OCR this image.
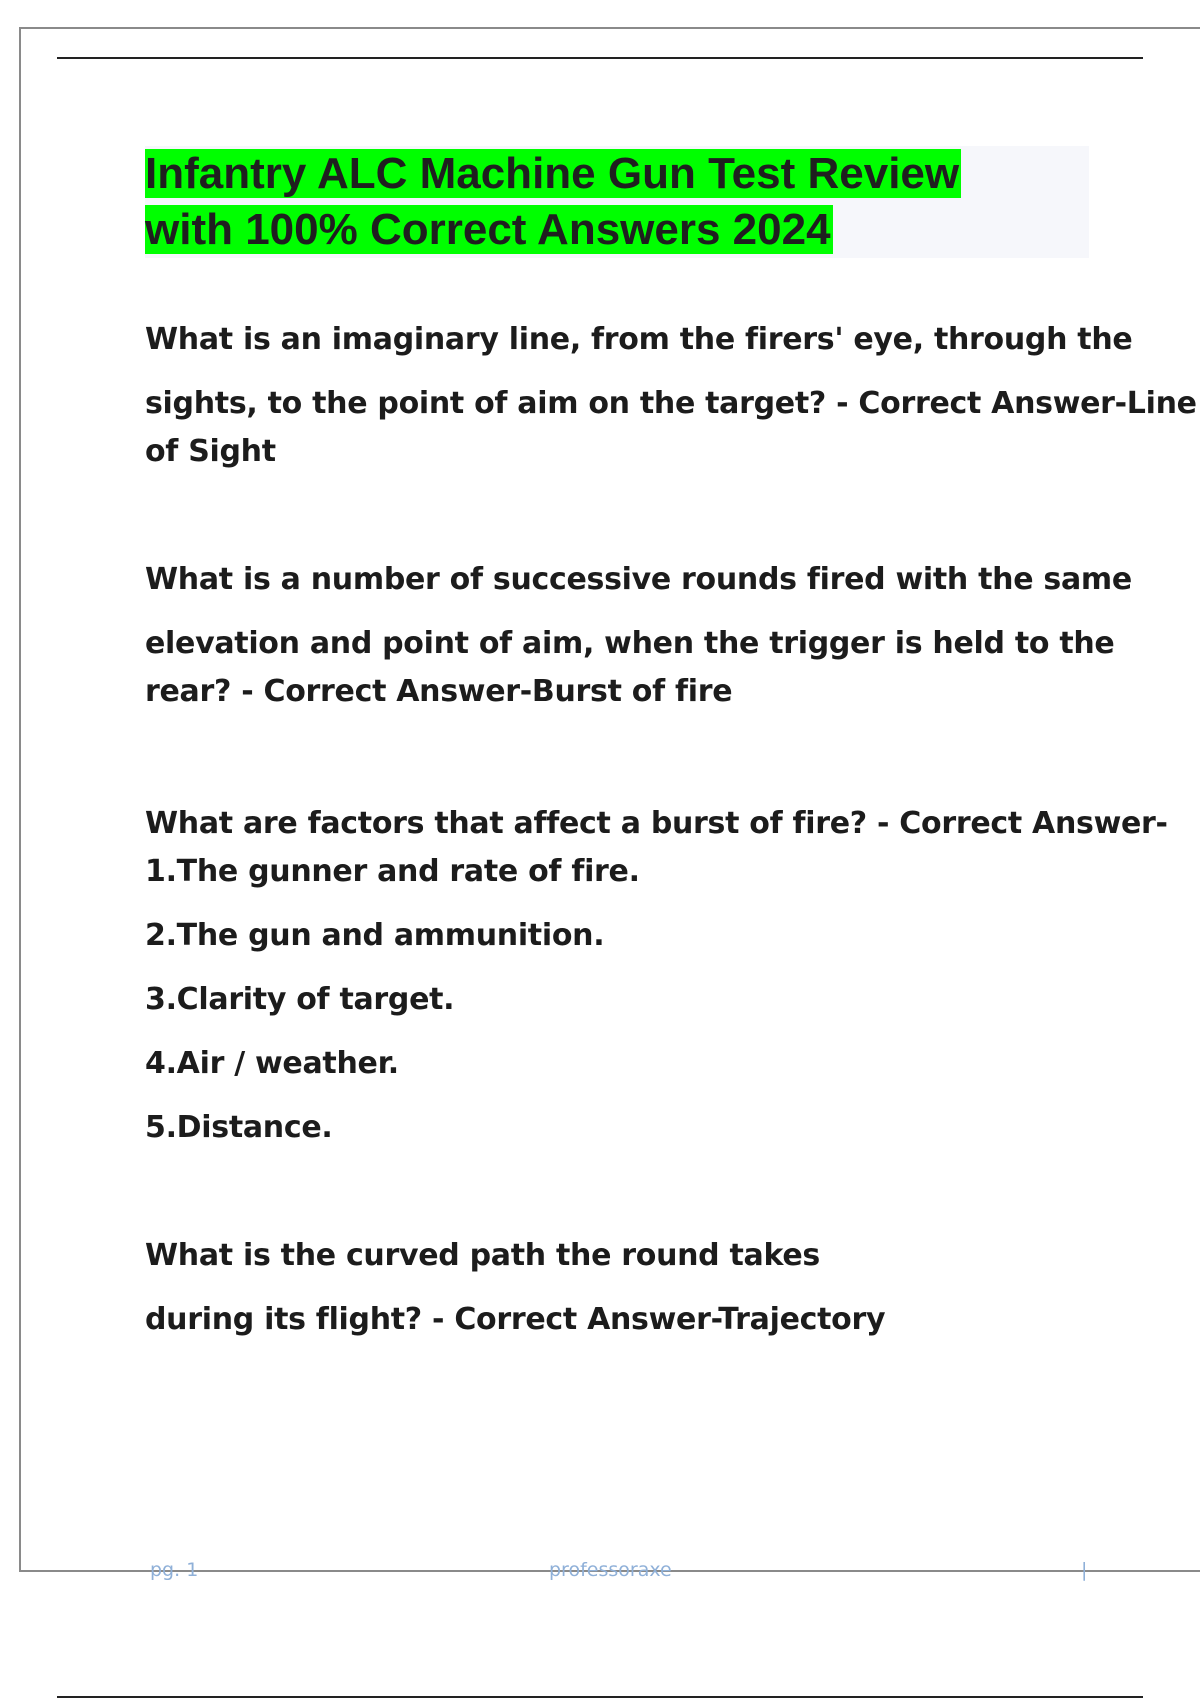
Infantry ALC Machine Gun Test Review
with 100% Correct Answers 2024
What is an imaginary line, from the firers' eye, through the
sights, to the point of aim on the target? - Correct Answer-Line
of Sight
What is a number of successive rounds fired with the same
elevation and point of aim, when the trigger is held to the
rear? - Correct Answer-Burst of fire
What are factors that affect a burst of fire? - Correct Answer-
1.The gunner and rate of fire.
2.The gun and ammunition.
3.Clarity of target.
4.Air / weather.
5.Distance.
What is the curved path the round takes
during its flight? - Correct Answer-Trajectory
pg. 1	professoraxe	|
